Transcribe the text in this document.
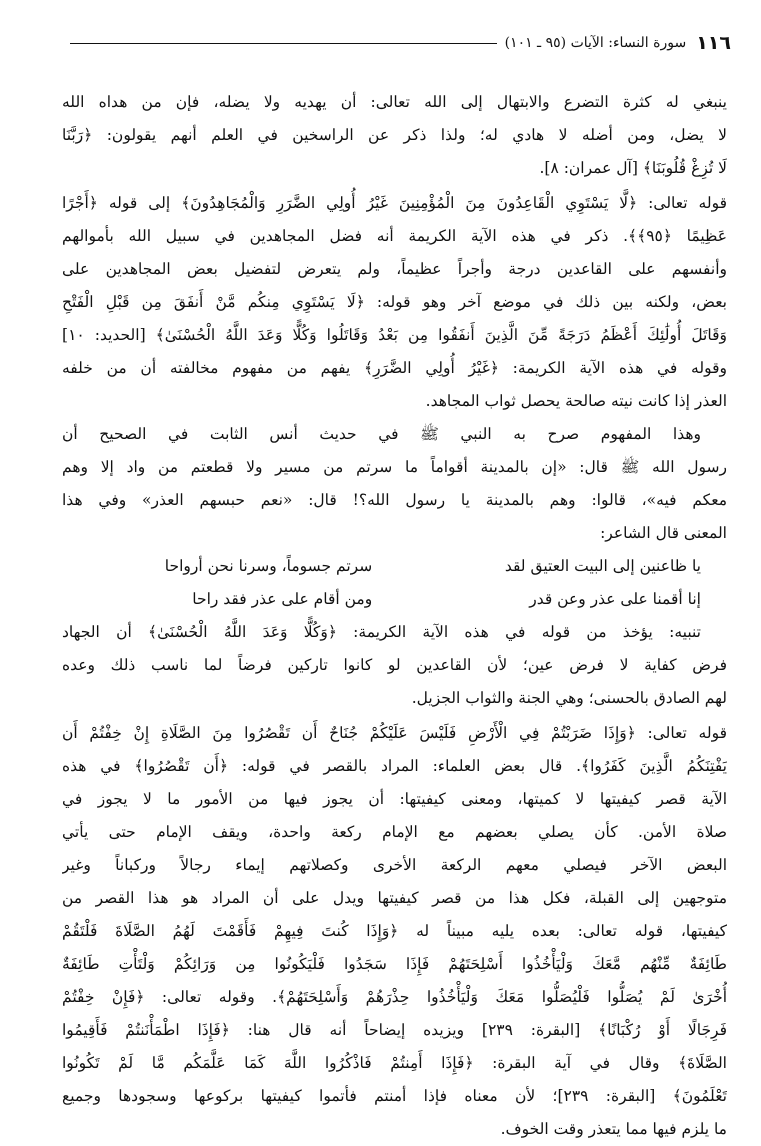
١١٦
سورة النساء: الآيات (٩٥ ـ ١٠١)
ينبغي له كثرة التضرع والابتهال إلى الله تعالى: أن يهديه ولا يضله، فإن من هداه الله
لا يضل، ومن أضله لا هادي له؛ ولذا ذكر عن الراسخين في العلم أنهم يقولون: ﴿رَبَّنَا
لَا تُزِغْ قُلُوبَنَا﴾ [آل عمران: ٨].
قوله تعالى: ﴿لَّا يَسْتَوِي الْقَاعِدُونَ مِنَ الْمُؤْمِنِينَ غَيْرُ أُولِي الضَّرَرِ وَالْمُجَاهِدُونَ﴾ إلى قوله ﴿أَجْرًا
عَظِيمًا ﴿٩٥﴾﴾. ذكر في هذه الآية الكريمة أنه فضل المجاهدين في سبيل الله بأموالهم
وأنفسهم على القاعدين درجة وأجراً عظيماً، ولم يتعرض لتفضيل بعض المجاهدين على
بعض، ولكنه بين ذلك في موضع آخر وهو قوله: ﴿لَا يَسْتَوِي مِنكُم مَّنْ أَنفَقَ مِن قَبْلِ الْفَتْحِ
وَقَاتَلَ أُولَٰئِكَ أَعْظَمُ دَرَجَةً مِّنَ الَّذِينَ أَنفَقُوا مِن بَعْدُ وَقَاتَلُوا وَكُلًّا وَعَدَ اللَّهُ الْحُسْنَىٰ﴾ [الحديد: ١٠]
وقوله في هذه الآية الكريمة: ﴿غَيْرُ أُولِي الضَّرَرِ﴾ يفهم من مفهوم مخالفته أن من خلفه
العذر إذا كانت نيته صالحة يحصل ثواب المجاهد.
وهذا المفهوم صرح به النبي ﷺ في حديث أنس الثابت في الصحيح أن
رسول الله ﷺ قال: «إن بالمدينة أقواماً ما سرتم من مسير ولا قطعتم من واد إلا وهم
معكم فيه»، قالوا: وهم بالمدينة يا رسول الله؟! قال: «نعم حبسهم العذر» وفي هذا
المعنى قال الشاعر:
يا ظاعنين إلى البيت العتيق لقد
سرتم جسوماً، وسرنا نحن أرواحا
إنا أقمنا على عذر وعن قدر
ومن أقام على عذر فقد راحا
تنبيه: يؤخذ من قوله في هذه الآية الكريمة: ﴿وَكُلًّا وَعَدَ اللَّهُ الْحُسْنَىٰ﴾ أن الجهاد
فرض كفاية لا فرض عين؛ لأن القاعدين لو كانوا تاركين فرضاً لما ناسب ذلك وعده
لهم الصادق بالحسنى؛ وهي الجنة والثواب الجزيل.
قوله تعالى: ﴿وَإِذَا ضَرَبْتُمْ فِي الْأَرْضِ فَلَيْسَ عَلَيْكُمْ جُنَاحٌ أَن تَقْصُرُوا مِنَ الصَّلَاةِ إِنْ خِفْتُمْ أَن
يَفْتِنَكُمُ الَّذِينَ كَفَرُوا﴾. قال بعض العلماء: المراد بالقصر في قوله: ﴿أَن تَقْصُرُوا﴾ في هذه
الآية قصر كيفيتها لا كميتها، ومعنى كيفيتها: أن يجوز فيها من الأمور ما لا يجوز في
صلاة الأمن. كأن يصلي بعضهم مع الإمام ركعة واحدة، ويقف الإمام حتى يأتي
البعض الآخر فيصلي معهم الركعة الأخرى وكصلاتهم إيماء رجالاً وركباناً وغير
متوجهين إلى القبلة، فكل هذا من قصر كيفيتها ويدل على أن المراد هو هذا القصر من
كيفيتها، قوله تعالى: بعده يليه مبيناً له ﴿وَإِذَا كُنتَ فِيهِمْ فَأَقَمْتَ لَهُمُ الصَّلَاةَ فَلْتَقُمْ
طَائِفَةٌ مِّنْهُم مَّعَكَ وَلْيَأْخُذُوا أَسْلِحَتَهُمْ فَإِذَا سَجَدُوا فَلْيَكُونُوا مِن وَرَائِكُمْ وَلْتَأْتِ طَائِفَةٌ
أُخْرَىٰ لَمْ يُصَلُّوا فَلْيُصَلُّوا مَعَكَ وَلْيَأْخُذُوا حِذْرَهُمْ وَأَسْلِحَتَهُمْ﴾. وقوله تعالى: ﴿فَإِنْ خِفْتُمْ
فَرِجَالًا أَوْ رُكْبَانًا﴾ [البقرة: ٢٣٩] ويزيده إيضاحاً أنه قال هنا: ﴿فَإِذَا اطْمَأْنَنتُمْ فَأَقِيمُوا
الصَّلَاةَ﴾ وقال في آية البقرة: ﴿فَإِذَا أَمِنتُمْ فَاذْكُرُوا اللَّهَ كَمَا عَلَّمَكُم مَّا لَمْ تَكُونُوا
تَعْلَمُونَ﴾ [البقرة: ٢٣٩]؛ لأن معناه فإذا أمنتم فأتموا كيفيتها بركوعها وسجودها وجميع
ما يلزم فيها مما يتعذر وقت الخوف.
